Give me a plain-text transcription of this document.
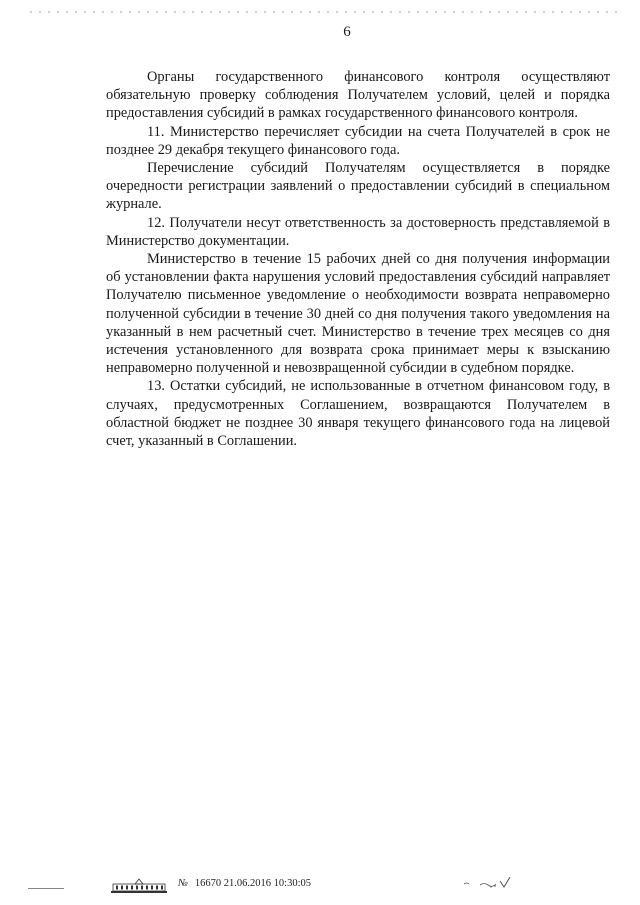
6

Органы государственного финансового контроля осуществляют обязательную проверку соблюдения Получателем условий, целей и порядка предоставления субсидий в рамках государственного финансового контроля.

11. Министерство перечисляет субсидии на счета Получателей в срок не позднее 29 декабря текущего финансового года.

Перечисление субсидий Получателям осуществляется в порядке очередности регистрации заявлений о предоставлении субсидий в специальном журнале.

12. Получатели несут ответственность за достоверность представляемой в Министерство документации.

Министерство в течение 15 рабочих дней со дня получения информации об установлении факта нарушения условий предоставления субсидий направляет Получателю письменное уведомление о необходимости возврата неправомерно полученной субсидии в течение 30 дней со дня получения такого уведомления на указанный в нем расчетный счет. Министерство в течение трех месяцев со дня истечения установленного для возврата срока принимает меры к взысканию неправомерно полученной и невозвращенной субсидии в судебном порядке.

13. Остатки субсидий, не использованные в отчетном финансовом году, в случаях, предусмотренных Соглашением, возвращаются Получателем в областной бюджет не позднее 30 января текущего финансового года на лицевой счет, указанный в Соглашении.

№ 16670 21.06.2016 10:30:05
